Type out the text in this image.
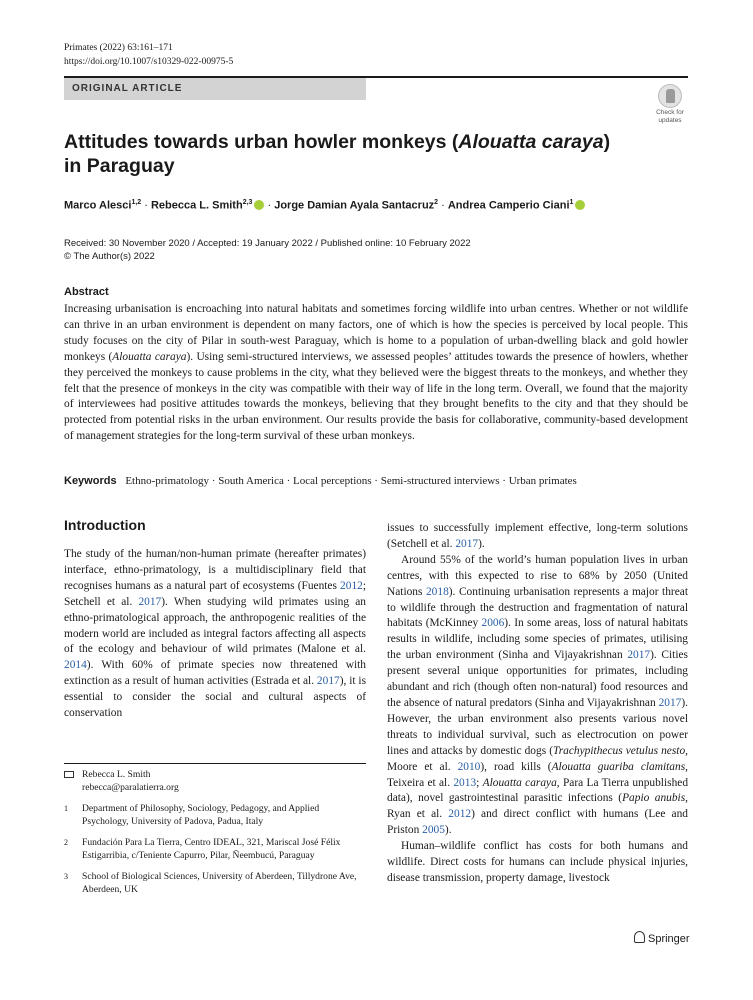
Primates (2022) 63:161–171
https://doi.org/10.1007/s10329-022-00975-5
ORIGINAL ARTICLE
Check for
updates
Attitudes towards urban howler monkeys (Alouatta caraya)
in Paraguay
Marco Alesci$^{1,2}$ · Rebecca L. Smith$^{2,3}$ · Jorge Damian Ayala Santacruz$^2$ · Andrea Camperio Ciani$^1$
Received: 30 November 2020 / Accepted: 19 January 2022 / Published online: 10 February 2022
© The Author(s) 2022
Abstract
Increasing urbanisation is encroaching into natural habitats and sometimes forcing wildlife into urban centres. Whether or not wildlife can thrive in an urban environment is dependent on many factors, one of which is how the species is perceived by local people. This study focuses on the city of Pilar in south-west Paraguay, which is home to a population of urban-dwelling black and gold howler monkeys (Alouatta caraya). Using semi-structured interviews, we assessed peoples’ attitudes towards the presence of howlers, whether they perceived the monkeys to cause problems in the city, what they believed were the biggest threats to the monkeys, and whether they felt that the presence of monkeys in the city was compatible with their way of life in the long term. Overall, we found that the majority of interviewees had positive attitudes towards the monkeys, believing that they brought benefits to the city and that they should be protected from potential risks in the urban environment. Our results provide the basis for collaborative, community-based development of management strategies for the long-term survival of these urban monkeys.
Keywords Ethno-primatology · South America · Local perceptions · Semi-structured interviews · Urban primates
Introduction

The study of the human/non-human primate (hereafter primates) interface, ethno-primatology, is a multidisciplinary field that recognises humans as a natural part of ecosystems (Fuentes 2012; Setchell et al. 2017). When studying wild primates using an ethno-primatological approach, the anthropogenic realities of the modern world are included as integral factors affecting all aspects of the ecology and behaviour of wild primates (Malone et al. 2014). With 60% of primate species now threatened with extinction as a result of human activities (Estrada et al. 2017), it is essential to consider the social and cultural aspects of conservation

issues to successfully implement effective, long-term solutions (Setchell et al. 2017).

Around 55% of the world’s human population lives in urban centres, with this expected to rise to 68% by 2050 (United Nations 2018). Continuing urbanisation represents a major threat to wildlife through the destruction and fragmentation of natural habitats (McKinney 2006). In some areas, loss of natural habitats results in wildlife, including some species of primates, utilising the urban environment (Sinha and Vijayakrishnan 2017). Cities present several unique opportunities for primates, including abundant and rich (though often non-natural) food resources and the absence of natural predators (Sinha and Vijayakrishnan 2017). However, the urban environment also presents various novel threats to individual survival, such as electrocution on power lines and attacks by domestic dogs (Trachypithecus vetulus nesto, Moore et al. 2010), road kills (Alouatta guariba clamitans, Teixeira et al. 2013; Alouatta caraya, Para La Tierra unpublished data), novel gastrointestinal parasitic infections (Papio anubis, Ryan et al. 2012) and direct conflict with humans (Lee and Priston 2005).

Human–wildlife conflict has costs for both humans and wildlife. Direct costs for humans can include physical injuries, disease transmission, property damage, livestock

Rebecca L. Smith
rebecca@paralatierra.org
1	Department of Philosophy, Sociology, Pedagogy, and Applied Psychology, University of Padova, Padua, Italy
2	Fundación Para La Tierra, Centro IDEAL, 321, Mariscal José Félix Estigarribia, c/Teniente Capurro, Pilar, Ñeembucú, Paraguay
3	School of Biological Sciences, University of Aberdeen, Tillydrone Ave, Aberdeen, UK
Springer
